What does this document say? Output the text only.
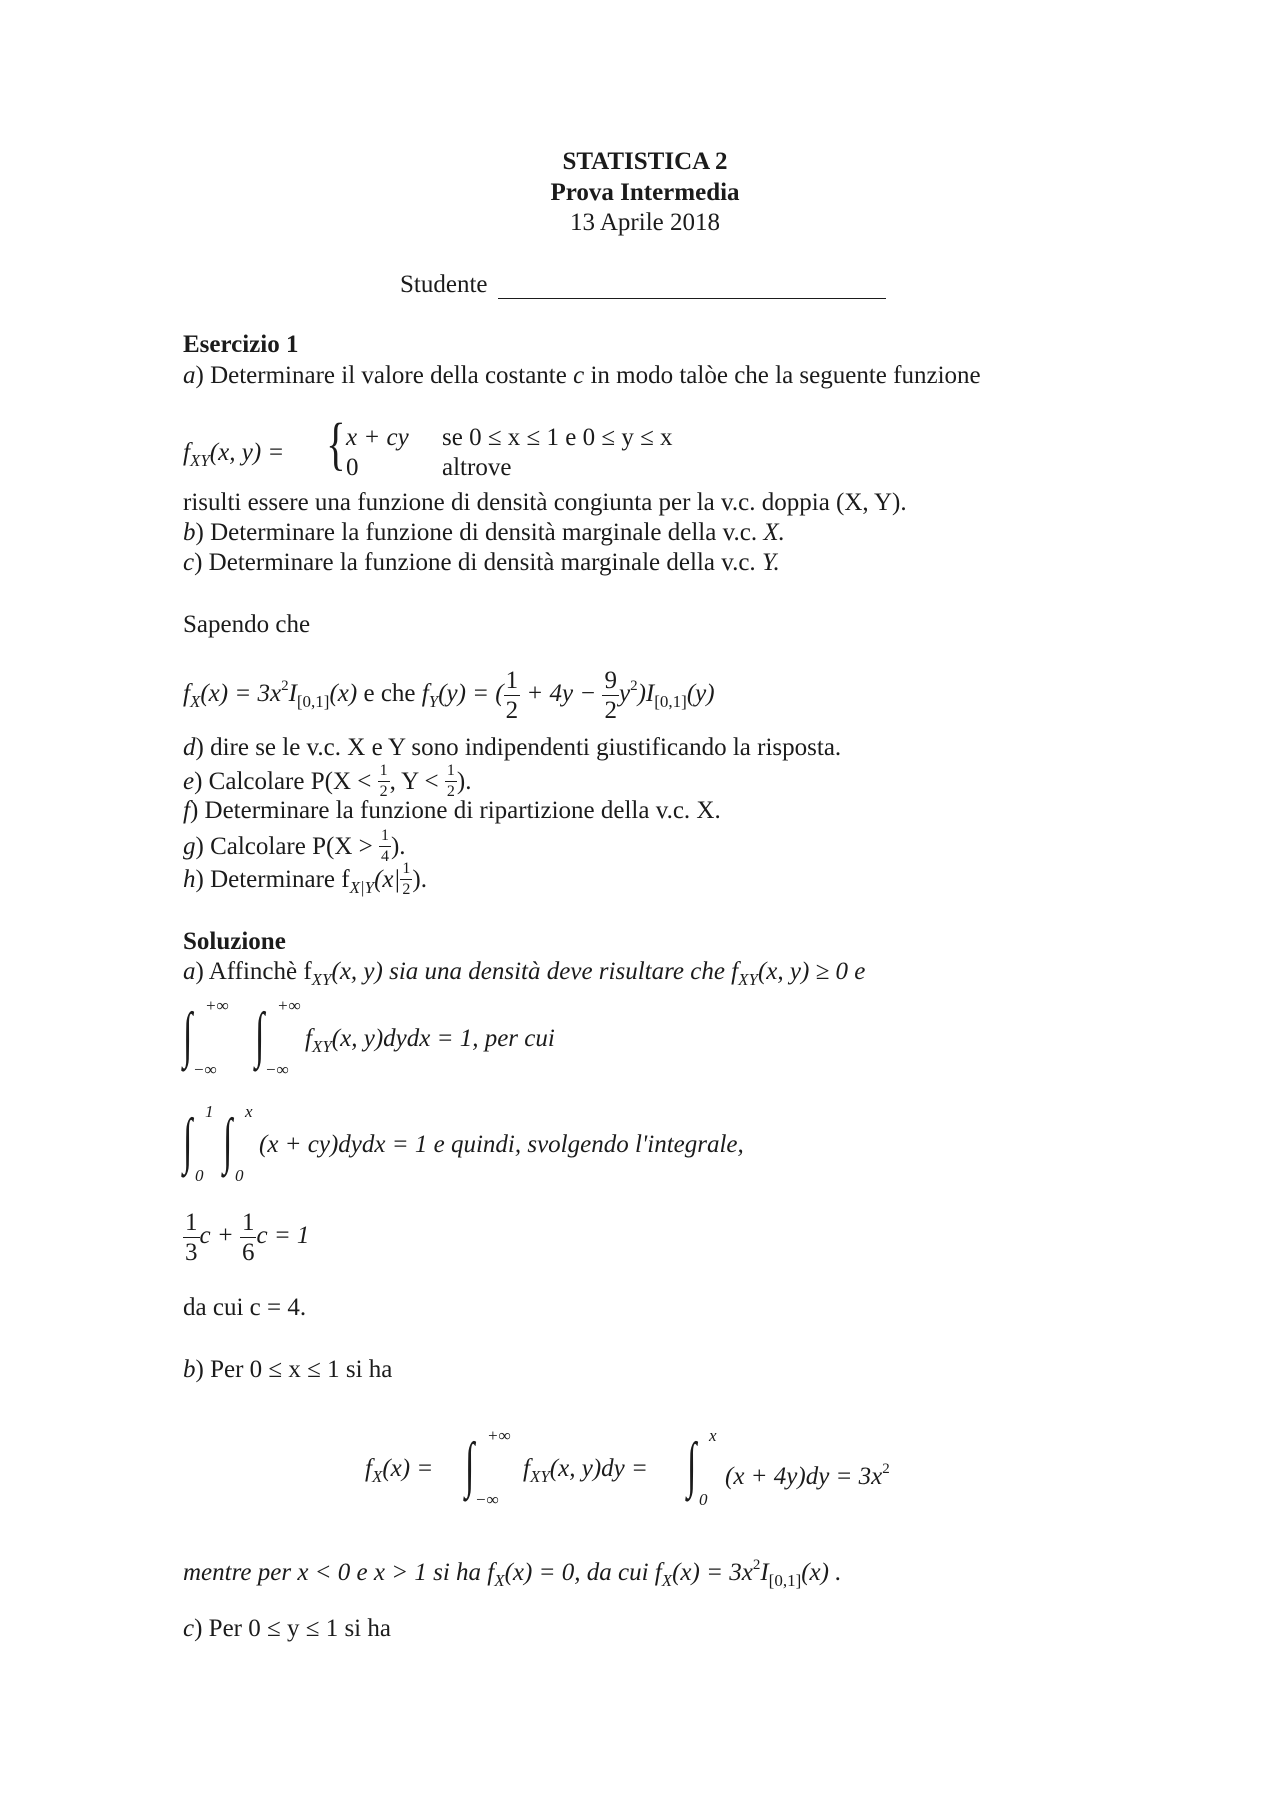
STATISTICA 2
Prova Intermedia
13 Aprile 2018
Studente
Esercizio 1
a) Determinare il valore della costante c in modo talòe che la seguente funzione
$f_{XY}(x$, y) = { x + cy se 0 ≤ x ≤ 1 e 0 ≤ y ≤ x
0	altrove
risulti essere una funzione di densità congiunta per la v.c. doppia (X, Y).
b) Determinare la funzione di densità marginale della v.c. X.
c) Determinare la funzione di densità marginale della v.c. Y.
Sapendo che
$f_X(x) = 3x^2I_{[0,1]}(x)$ e che $f_Y(y)$ = ( $\frac{1}{2} + 4y - \frac{9}{2} y^2)I_{[0,1]}(y)$
d) dire se le v.c. X e Y sono indipendenti giustificando la risposta.
e) Calcolare $P(X < \frac{1}{2}$ , $Y < \frac{1}{2}$ ).
f) Determinare la funzione di ripartizione della v.c. X.
g) Calcolare $P(X > \frac{1}{4}$ ).
h) Determinare $f_{X|Y}(x| \frac{1}{2}$ ).
Soluzione
a) Affinchè $f_{XY}(x$, y) sia una densità deve risultare che $f_{XY}(x$, y) ≥ 0 e
∫ +∞
−∞
∫ +∞
−∞
$f_{XY}(x$, y)dydx = 1, per cui
∫ 1
0
∫ x
0
(x + cy)dydx = 1 e quindi, svolgendo l'integrale,
$\frac{1}{3}$ $c + \frac{1}{6}$ c = 1
da cui c = 4.
b) Per 0 ≤ x ≤ 1 si ha
$f_X(x)$ = ∫ +∞
−∞
$f_{XY}(x$, y)dy = ∫ x
0
$(x + 4y)dy = 3x^2$
mentre per x < 0 e x > 1 si ha $f_X(x) = 0$, da cui $f_X(x) = 3x^2I_{[0,1]}(x)$ .
c) Per 0 ≤ y ≤ 1 si ha
